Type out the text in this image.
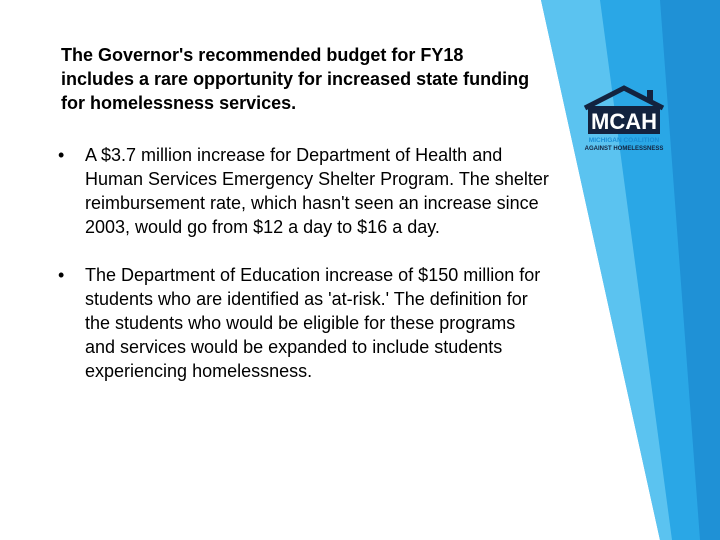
The Governor's recommended budget for FY18 includes a rare opportunity for increased state funding for homelessness services.
•	A $3.7 million increase for Department of Health and Human Services Emergency Shelter Program. The shelter reimbursement rate, which hasn't seen an increase since 2003, would go from $12 a day to $16 a day.
•	The Department of Education increase of $150 million for students who are identified as 'at-risk.' The definition for the students who would be eligible for these programs and services would be expanded to include students experiencing homelessness.
MCAH
MICHIGAN COALITION
AGAINST HOMELESSNESS
